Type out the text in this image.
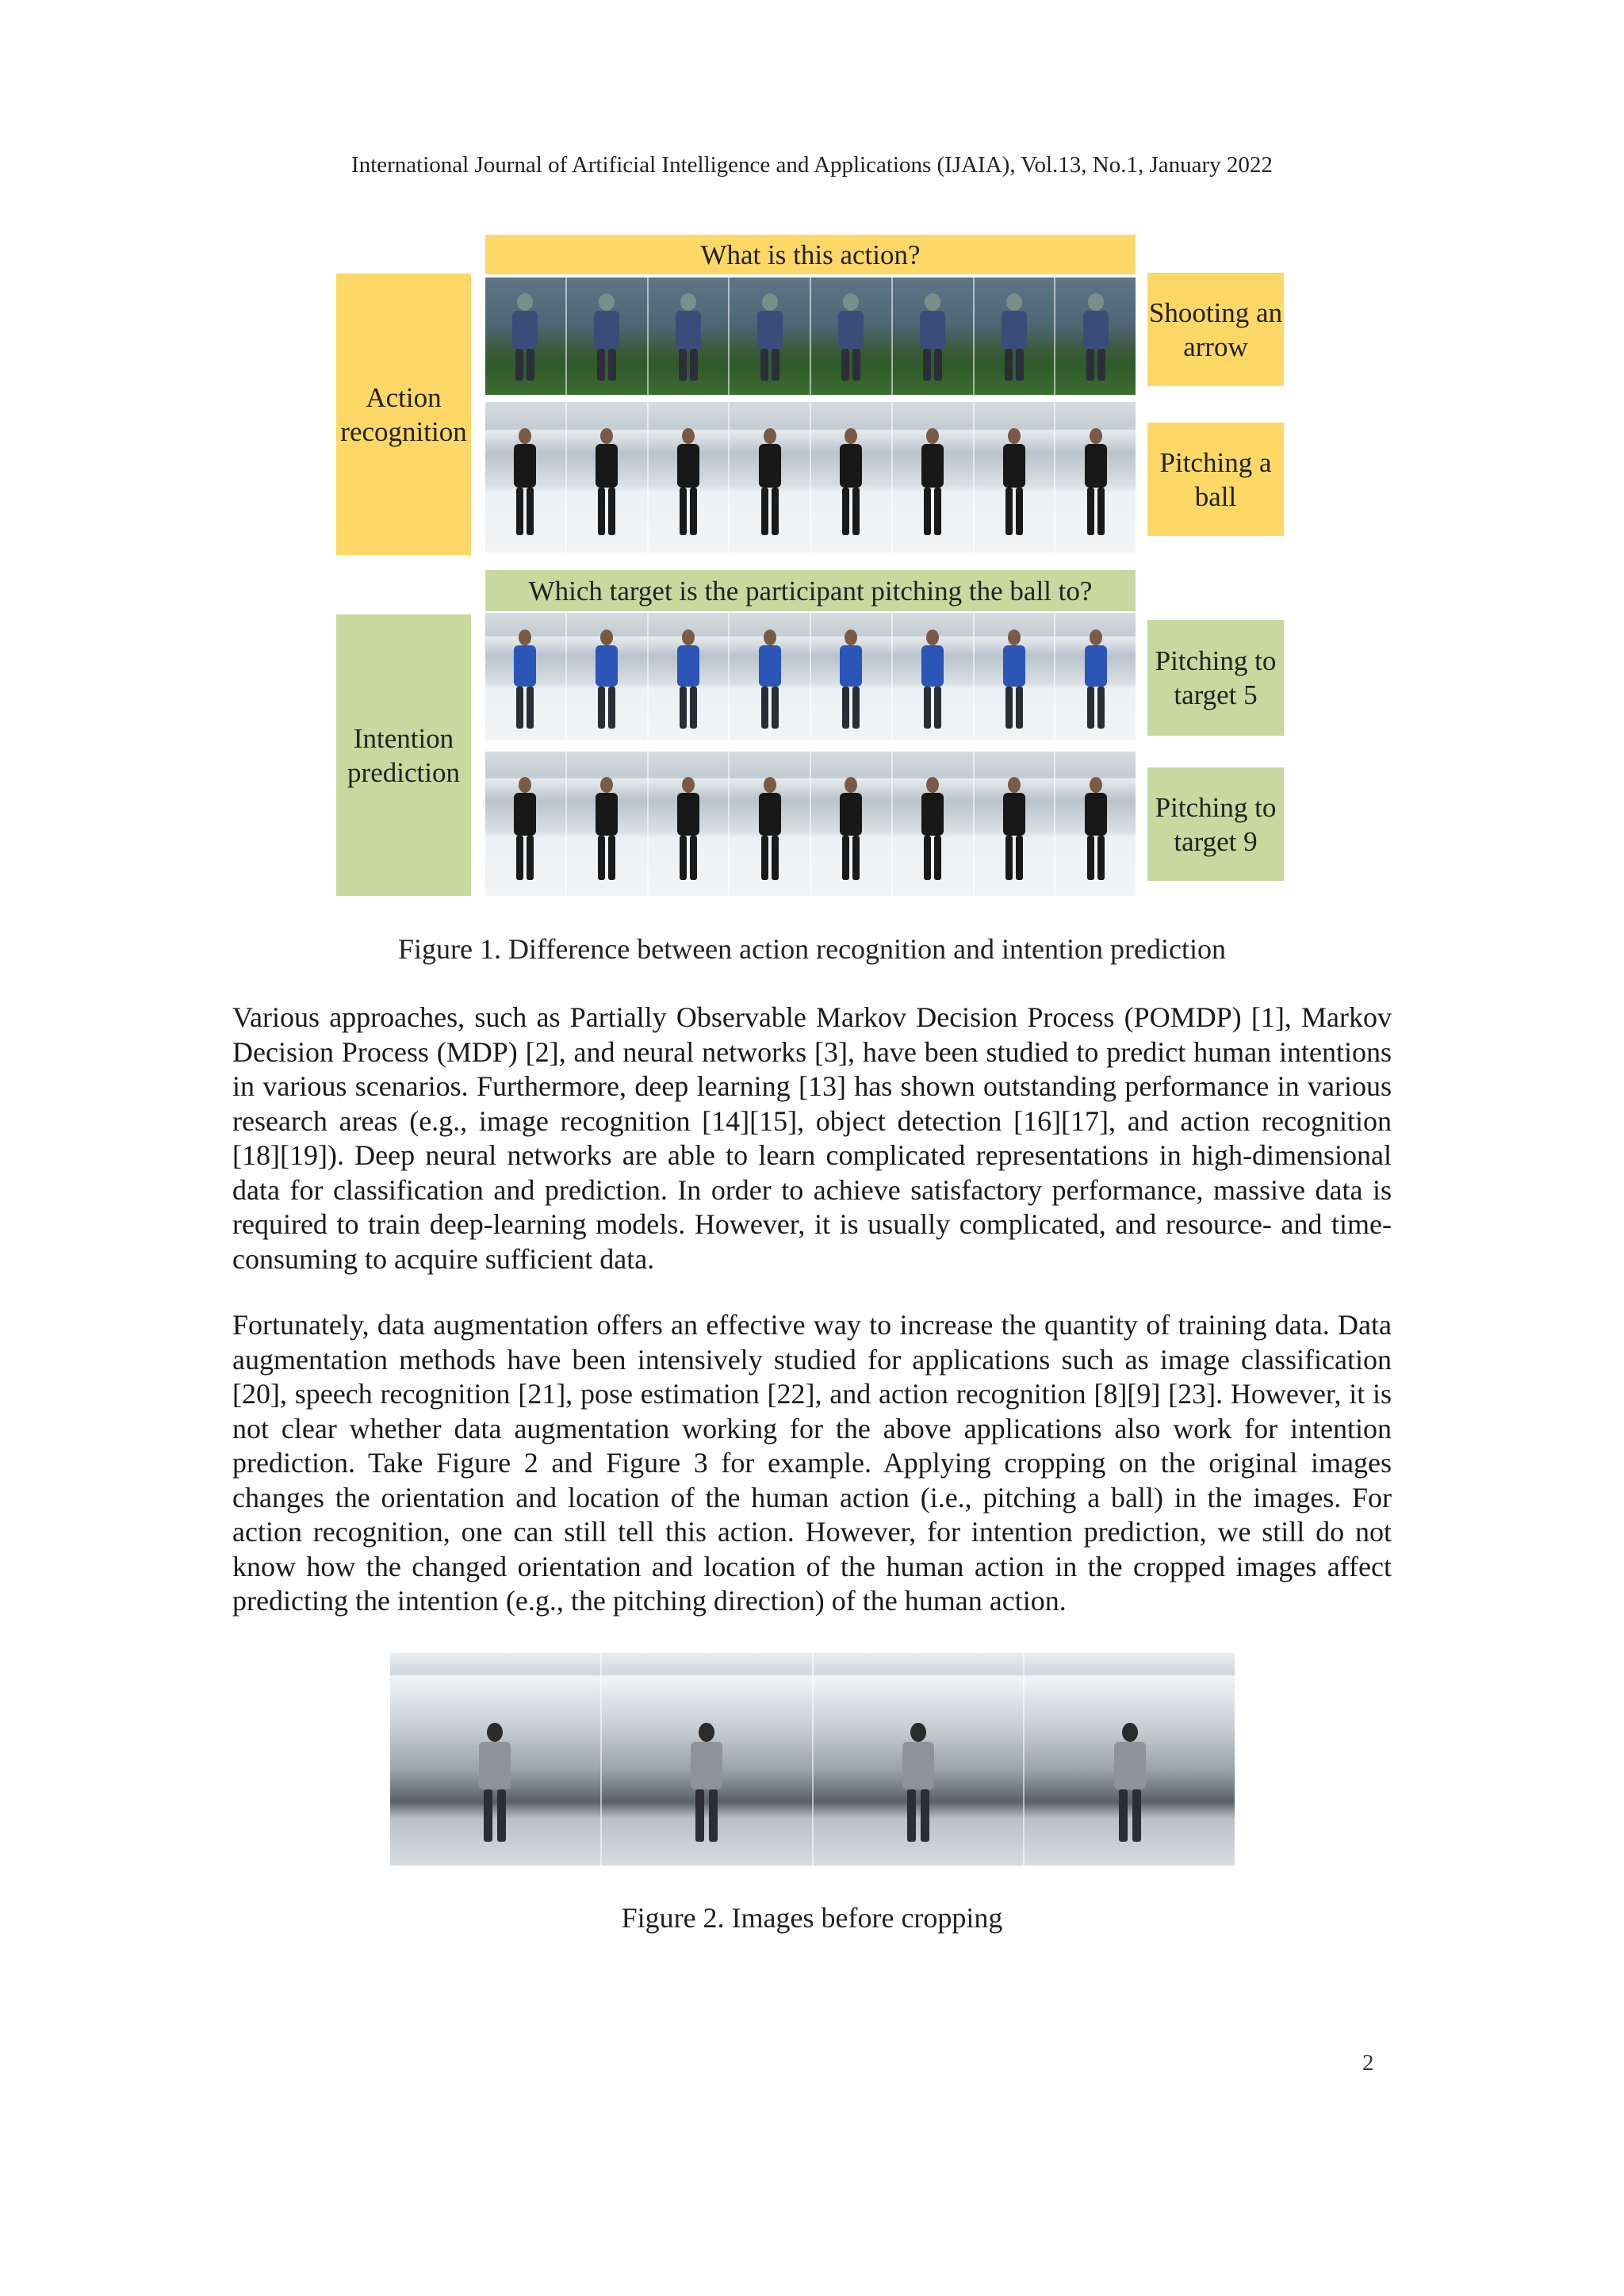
International Journal of Artificial Intelligence and Applications (IJAIA), Vol.13, No.1, January 2022
Action recognition
Intention prediction
What is this action?
Which target is the participant pitching the ball to?
Shooting an arrow
Pitching a ball
Pitching to target 5
Pitching to target 9
Figure 1. Difference between action recognition and intention prediction

Various approaches, such as Partially Observable Markov Decision Process (POMDP) [1], Markov Decision Process (MDP) [2], and neural networks [3], have been studied to predict human intentions in various scenarios. Furthermore, deep learning [13] has shown outstanding performance in various research areas (e.g., image recognition [14][15], object detection [16][17], and action recognition [18][19]). Deep neural networks are able to learn complicated representations in high-dimensional data for classification and prediction. In order to achieve satisfactory performance, massive data is required to train deep-learning models. However, it is usually complicated, and resource- and time-consuming to acquire sufficient data.

Fortunately, data augmentation offers an effective way to increase the quantity of training data. Data augmentation methods have been intensively studied for applications such as image classification [20], speech recognition [21], pose estimation [22], and action recognition [8][9] [23]. However, it is not clear whether data augmentation working for the above applications also work for intention prediction. Take Figure 2 and Figure 3 for example. Applying cropping on the original images changes the orientation and location of the human action (i.e., pitching a ball) in the images. For action recognition, one can still tell this action. However, for intention prediction, we still do not know how the changed orientation and location of the human action in the cropped images affect predicting the intention (e.g., the pitching direction) of the human action.

Figure 2. Images before cropping
2
